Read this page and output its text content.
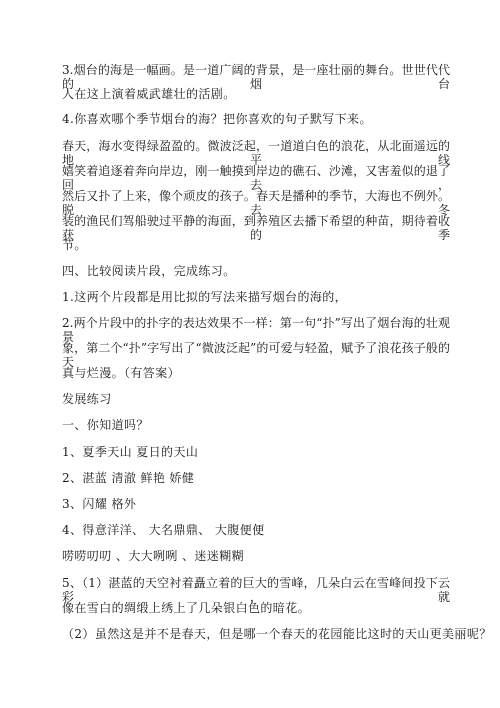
3.烟台的海是一幅画。是一道广阔的背景，是一座壮丽的舞台。世世代代的烟台
人在这上演着威武雄壮的活剧。
4.你喜欢哪个季节烟台的海？把你喜欢的句子默写下来。
春天，海水变得绿盈盈的。微波泛起，一道道白色的浪花，从北面遥远的地平线
嬉笑着追逐着奔向岸边，刚一触摸到岸边的礁石、沙滩，又害羞似的退了回去，
然后又扑了上来，像个顽皮的孩子。春天是播种的季节，大海也不例外。脱去冬
装的渔民们驾船驶过平静的海面，到养殖区去播下希望的种苗，期待着收获的季
节。
四、比较阅读片段，完成练习。
1.这两个片段都是用比拟的写法来描写烟台的海的，
2.两个片段中的扑字的表达效果不一样：第一句“扑”写出了烟台海的壮观景
象，第二个“扑”字写出了“微波泛起”的可爱与轻盈，赋予了浪花孩子般的天
真与烂漫。（有答案）
发展练习
一、你知道吗？
1、夏季天山 夏日的天山
2、湛蓝 清澈 鲜艳 娇健
3、闪耀 格外
4、得意洋洋、 大名鼎鼎、 大腹便便
唠唠叨叨 、大大咧咧 、迷迷糊糊
5、（1）湛蓝的天空衬着矗立着的巨大的雪峰，几朵白云在雪峰间投下云彩，就
像在雪白的绸缎上绣上了几朵银白色的暗花。
（2）虽然这是并不是春天，但是哪一个春天的花园能比这时的天山更美丽呢？
